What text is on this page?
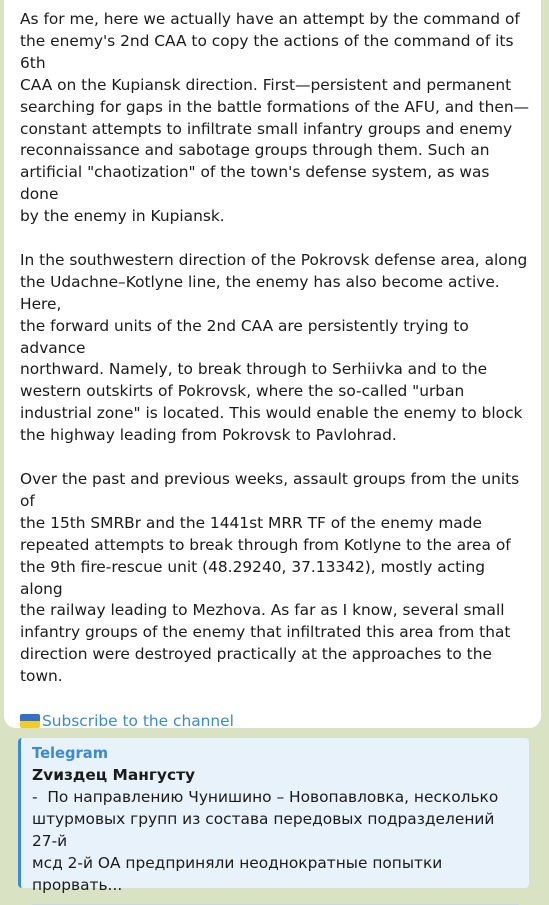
As for me, here we actually have an attempt by the command of
the enemy's 2nd CAA to copy the actions of the command of its 6th
CAA on the Kupiansk direction. First—persistent and permanent
searching for gaps in the battle formations of the AFU, and then—
constant attempts to infiltrate small infantry groups and enemy
reconnaissance and sabotage groups through them. Such an
artificial "chaotization" of the town's defense system, as was done
by the enemy in Kupiansk.

In the southwestern direction of the Pokrovsk defense area, along
the Udachne–Kotlyne line, the enemy has also become active. Here,
the forward units of the 2nd CAA are persistently trying to advance
northward. Namely, to break through to Serhiivka and to the
western outskirts of Pokrovsk, where the so-called "urban
industrial zone" is located. This would enable the enemy to block
the highway leading from Pokrovsk to Pavlohrad.

Over the past and previous weeks, assault groups from the units of
the 15th SMRBr and the 1441st MRR TF of the enemy made
repeated attempts to break through from Kotlyne to the area of
the 9th fire-rescue unit (48.29240, 37.13342), mostly acting along
the railway leading to Mezhova. As far as I know, several small
infantry groups of the enemy that infiltrated this area from that
direction were destroyed practically at the approaches to the town.

Subscribe to the channel
Telegram
Zvиздец Мангусту
-  По направлению Чунишино – Новопавловка, несколько
штурмовых групп из состава передовых подразделений 27-й
мсд 2-й ОА предприняли неоднократные попытки прорвать...
